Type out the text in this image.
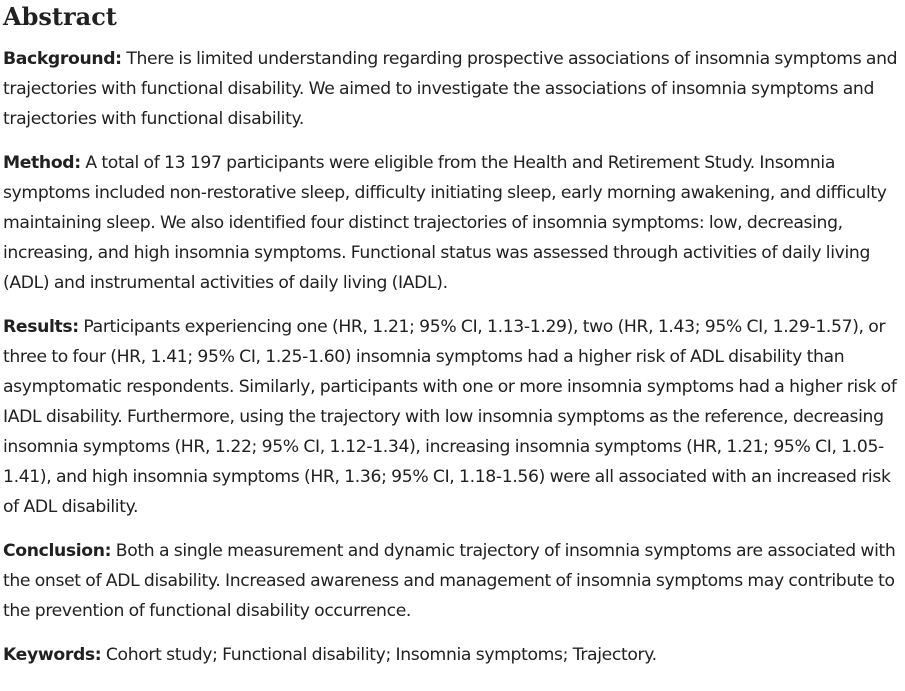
Abstract

Background: There is limited understanding regarding prospective associations of insomnia symptoms and trajectories with functional disability. We aimed to investigate the associations of insomnia symptoms and trajectories with functional disability.

Method: A total of 13 197 participants were eligible from the Health and Retirement Study. Insomnia symptoms included non-restorative sleep, difficulty initiating sleep, early morning awakening, and difficulty maintaining sleep. We also identified four distinct trajectories of insomnia symptoms: low, decreasing, increasing, and high insomnia symptoms. Functional status was assessed through activities of daily living (ADL) and instrumental activities of daily living (IADL).

Results: Participants experiencing one (HR, 1.21; 95% CI, 1.13-1.29), two (HR, 1.43; 95% CI, 1.29-1.57), or three to four (HR, 1.41; 95% CI, 1.25-1.60) insomnia symptoms had a higher risk of ADL disability than asymptomatic respondents. Similarly, participants with one or more insomnia symptoms had a higher risk of IADL disability. Furthermore, using the trajectory with low insomnia symptoms as the reference, decreasing insomnia symptoms (HR, 1.22; 95% CI, 1.12-1.34), increasing insomnia symptoms (HR, 1.21; 95% CI, 1.05-1.41), and high insomnia symptoms (HR, 1.36; 95% CI, 1.18-1.56) were all associated with an increased risk of ADL disability.

Conclusion: Both a single measurement and dynamic trajectory of insomnia symptoms are associated with the onset of ADL disability. Increased awareness and management of insomnia symptoms may contribute to the prevention of functional disability occurrence.

Keywords: Cohort study; Functional disability; Insomnia symptoms; Trajectory.
